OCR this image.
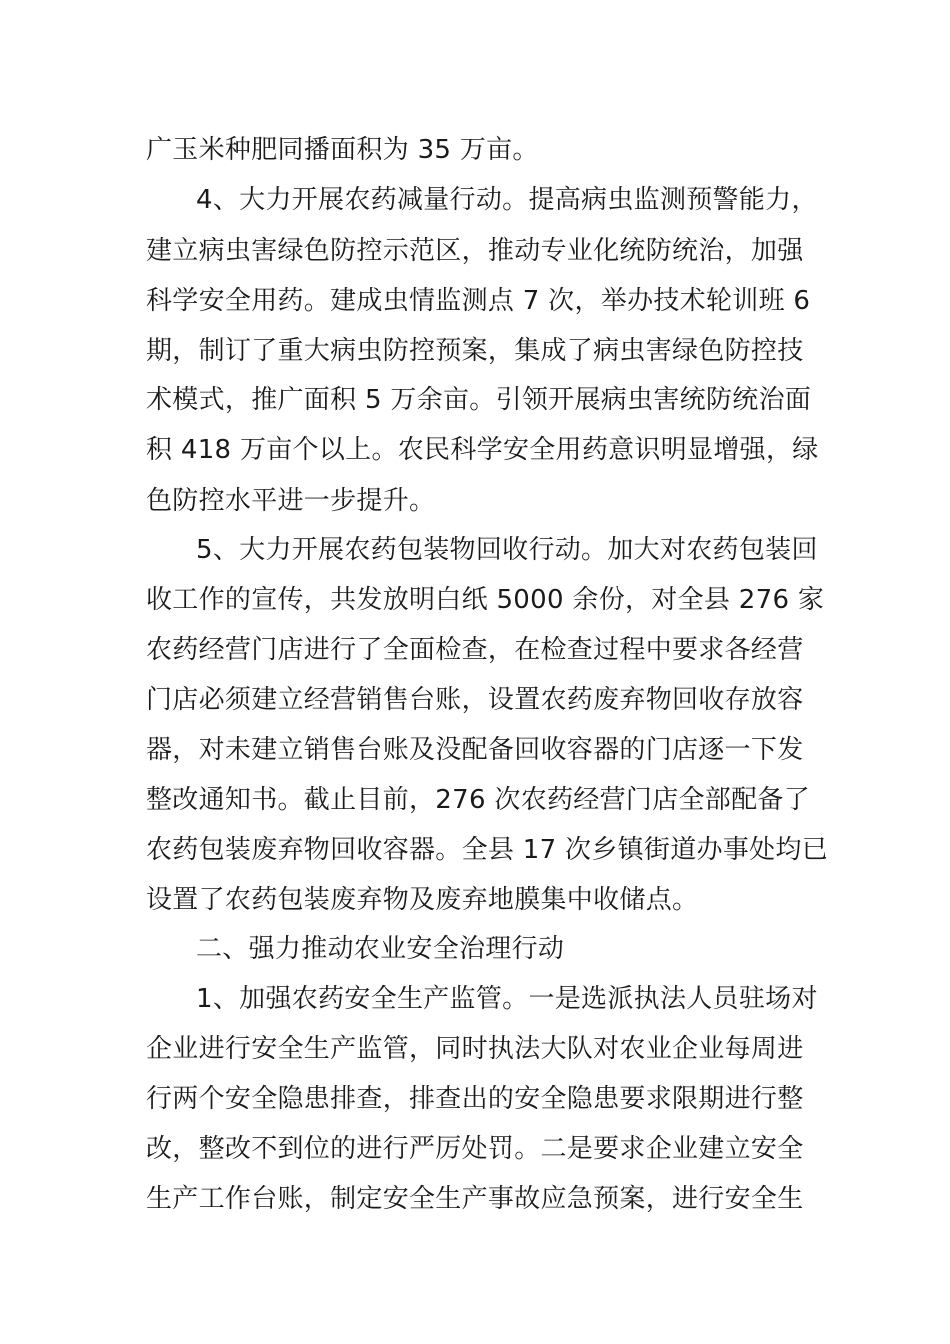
广玉米种肥同播面积为 35 万亩。
4、大力开展农药减量行动。提高病虫监测预警能力，
建立病虫害绿色防控示范区，推动专业化统防统治，加强
科学安全用药。建成虫情监测点 7 次，举办技术轮训班 6
期，制订了重大病虫防控预案，集成了病虫害绿色防控技
术模式，推广面积 5 万余亩。引领开展病虫害统防统治面
积 418 万亩个以上。农民科学安全用药意识明显增强，绿
色防控水平进一步提升。
5、大力开展农药包装物回收行动。加大对农药包装回
收工作的宣传，共发放明白纸 5000 余份，对全县 276 家
农药经营门店进行了全面检查，在检查过程中要求各经营
门店必须建立经营销售台账，设置农药废弃物回收存放容
器，对未建立销售台账及没配备回收容器的门店逐一下发
整改通知书。截止目前，276 次农药经营门店全部配备了
农药包装废弃物回收容器。全县 17 次乡镇街道办事处均已
设置了农药包装废弃物及废弃地膜集中收储点。
二、强力推动农业安全治理行动
1、加强农药安全生产监管。一是选派执法人员驻场对
企业进行安全生产监管，同时执法大队对农业企业每周进
行两个安全隐患排查，排查出的安全隐患要求限期进行整
改，整改不到位的进行严厉处罚。二是要求企业建立安全
生产工作台账，制定安全生产事故应急预案，进行安全生
